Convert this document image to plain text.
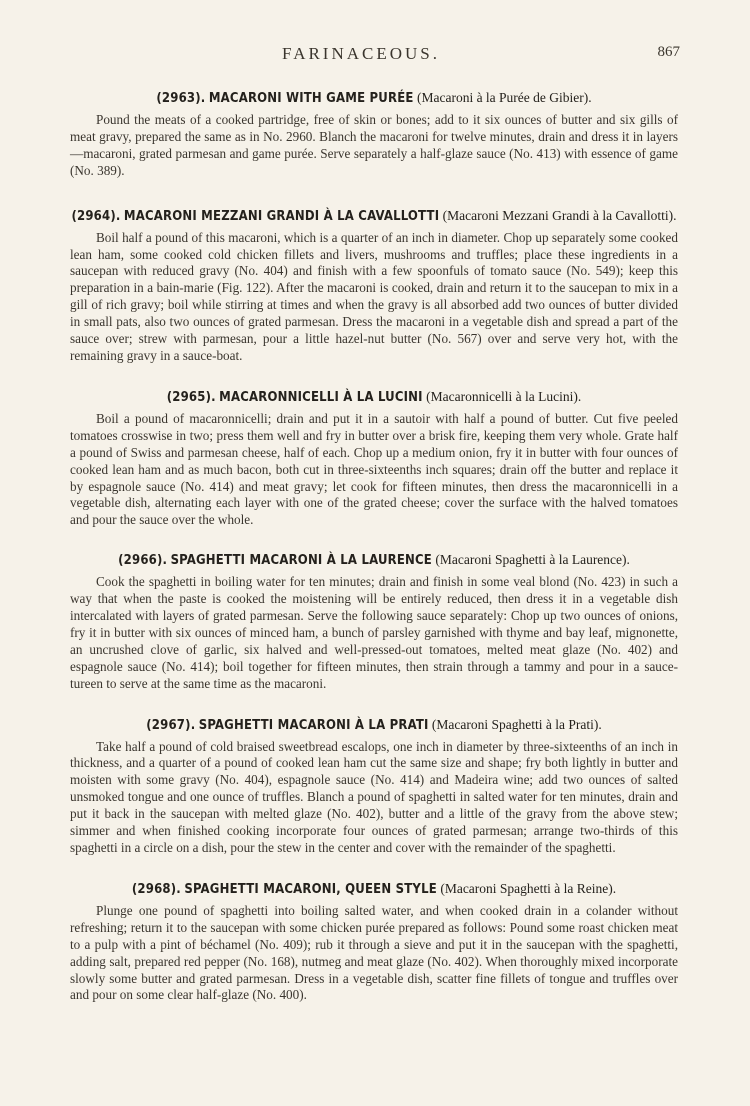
FARINACEOUS.	867
(2963). MACARONI WITH GAME PURÉE (Macaroni à la Purée de Gibier).

Pound the meats of a cooked partridge, free of skin or bones; add to it six ounces of butter and six gills of meat gravy, prepared the same as in No. 2960. Blanch the macaroni for twelve minutes, drain and dress it in layers—macaroni, grated parmesan and game purée. Serve separately a half-glaze sauce (No. 413) with essence of game (No. 389).

(2964). MACARONI MEZZANI GRANDI À LA CAVALLOTTI (Macaroni Mezzani Grandi à la Cavallotti).

Boil half a pound of this macaroni, which is a quarter of an inch in diameter. Chop up separately some cooked lean ham, some cooked cold chicken fillets and livers, mushrooms and truffles; place these ingredients in a saucepan with reduced gravy (No. 404) and finish with a few spoonfuls of tomato sauce (No. 549); keep this preparation in a bain-marie (Fig. 122). After the macaroni is cooked, drain and return it to the saucepan to mix in a gill of rich gravy; boil while stirring at times and when the gravy is all absorbed add two ounces of butter divided in small pats, also two ounces of grated parmesan. Dress the macaroni in a vegetable dish and spread a part of the sauce over; strew with parmesan, pour a little hazel-nut butter (No. 567) over and serve very hot, with the remaining gravy in a sauce-boat.

(2965). MACARONNICELLI À LA LUCINI (Macaronnicelli à la Lucini).

Boil a pound of macaronnicelli; drain and put it in a sautoir with half a pound of butter. Cut five peeled tomatoes crosswise in two; press them well and fry in butter over a brisk fire, keeping them very whole. Grate half a pound of Swiss and parmesan cheese, half of each. Chop up a medium onion, fry it in butter with four ounces of cooked lean ham and as much bacon, both cut in three-sixteenths inch squares; drain off the butter and replace it by espagnole sauce (No. 414) and meat gravy; let cook for fifteen minutes, then dress the macaronnicelli in a vegetable dish, alternating each layer with one of the grated cheese; cover the surface with the halved tomatoes and pour the sauce over the whole.

(2966). SPAGHETTI MACARONI À LA LAURENCE (Macaroni Spaghetti à la Laurence).

Cook the spaghetti in boiling water for ten minutes; drain and finish in some veal blond (No. 423) in such a way that when the paste is cooked the moistening will be entirely reduced, then dress it in a vegetable dish intercalated with layers of grated parmesan. Serve the following sauce separately: Chop up two ounces of onions, fry it in butter with six ounces of minced ham, a bunch of parsley garnished with thyme and bay leaf, mignonette, an uncrushed clove of garlic, six halved and well-pressed-out tomatoes, melted meat glaze (No. 402) and espagnole sauce (No. 414); boil together for fifteen minutes, then strain through a tammy and pour in a sauce-tureen to serve at the same time as the macaroni.

(2967). SPAGHETTI MACARONI À LA PRATI (Macaroni Spaghetti à la Prati).

Take half a pound of cold braised sweetbread escalops, one inch in diameter by three-sixteenths of an inch in thickness, and a quarter of a pound of cooked lean ham cut the same size and shape; fry both lightly in butter and moisten with some gravy (No. 404), espagnole sauce (No. 414) and Madeira wine; add two ounces of salted unsmoked tongue and one ounce of truffles. Blanch a pound of spaghetti in salted water for ten minutes, drain and put it back in the saucepan with melted glaze (No. 402), butter and a little of the gravy from the above stew; simmer and when finished cooking incorporate four ounces of grated parmesan; arrange two-thirds of this spaghetti in a circle on a dish, pour the stew in the center and cover with the remainder of the spaghetti.

(2968). SPAGHETTI MACARONI, QUEEN STYLE (Macaroni Spaghetti à la Reine).

Plunge one pound of spaghetti into boiling salted water, and when cooked drain in a colander without refreshing; return it to the saucepan with some chicken purée prepared as follows: Pound some roast chicken meat to a pulp with a pint of béchamel (No. 409); rub it through a sieve and put it in the saucepan with the spaghetti, adding salt, prepared red pepper (No. 168), nutmeg and meat glaze (No. 402). When thoroughly mixed incorporate slowly some butter and grated parmesan. Dress in a vegetable dish, scatter fine fillets of tongue and truffles over and pour on some clear half-glaze (No. 400).
